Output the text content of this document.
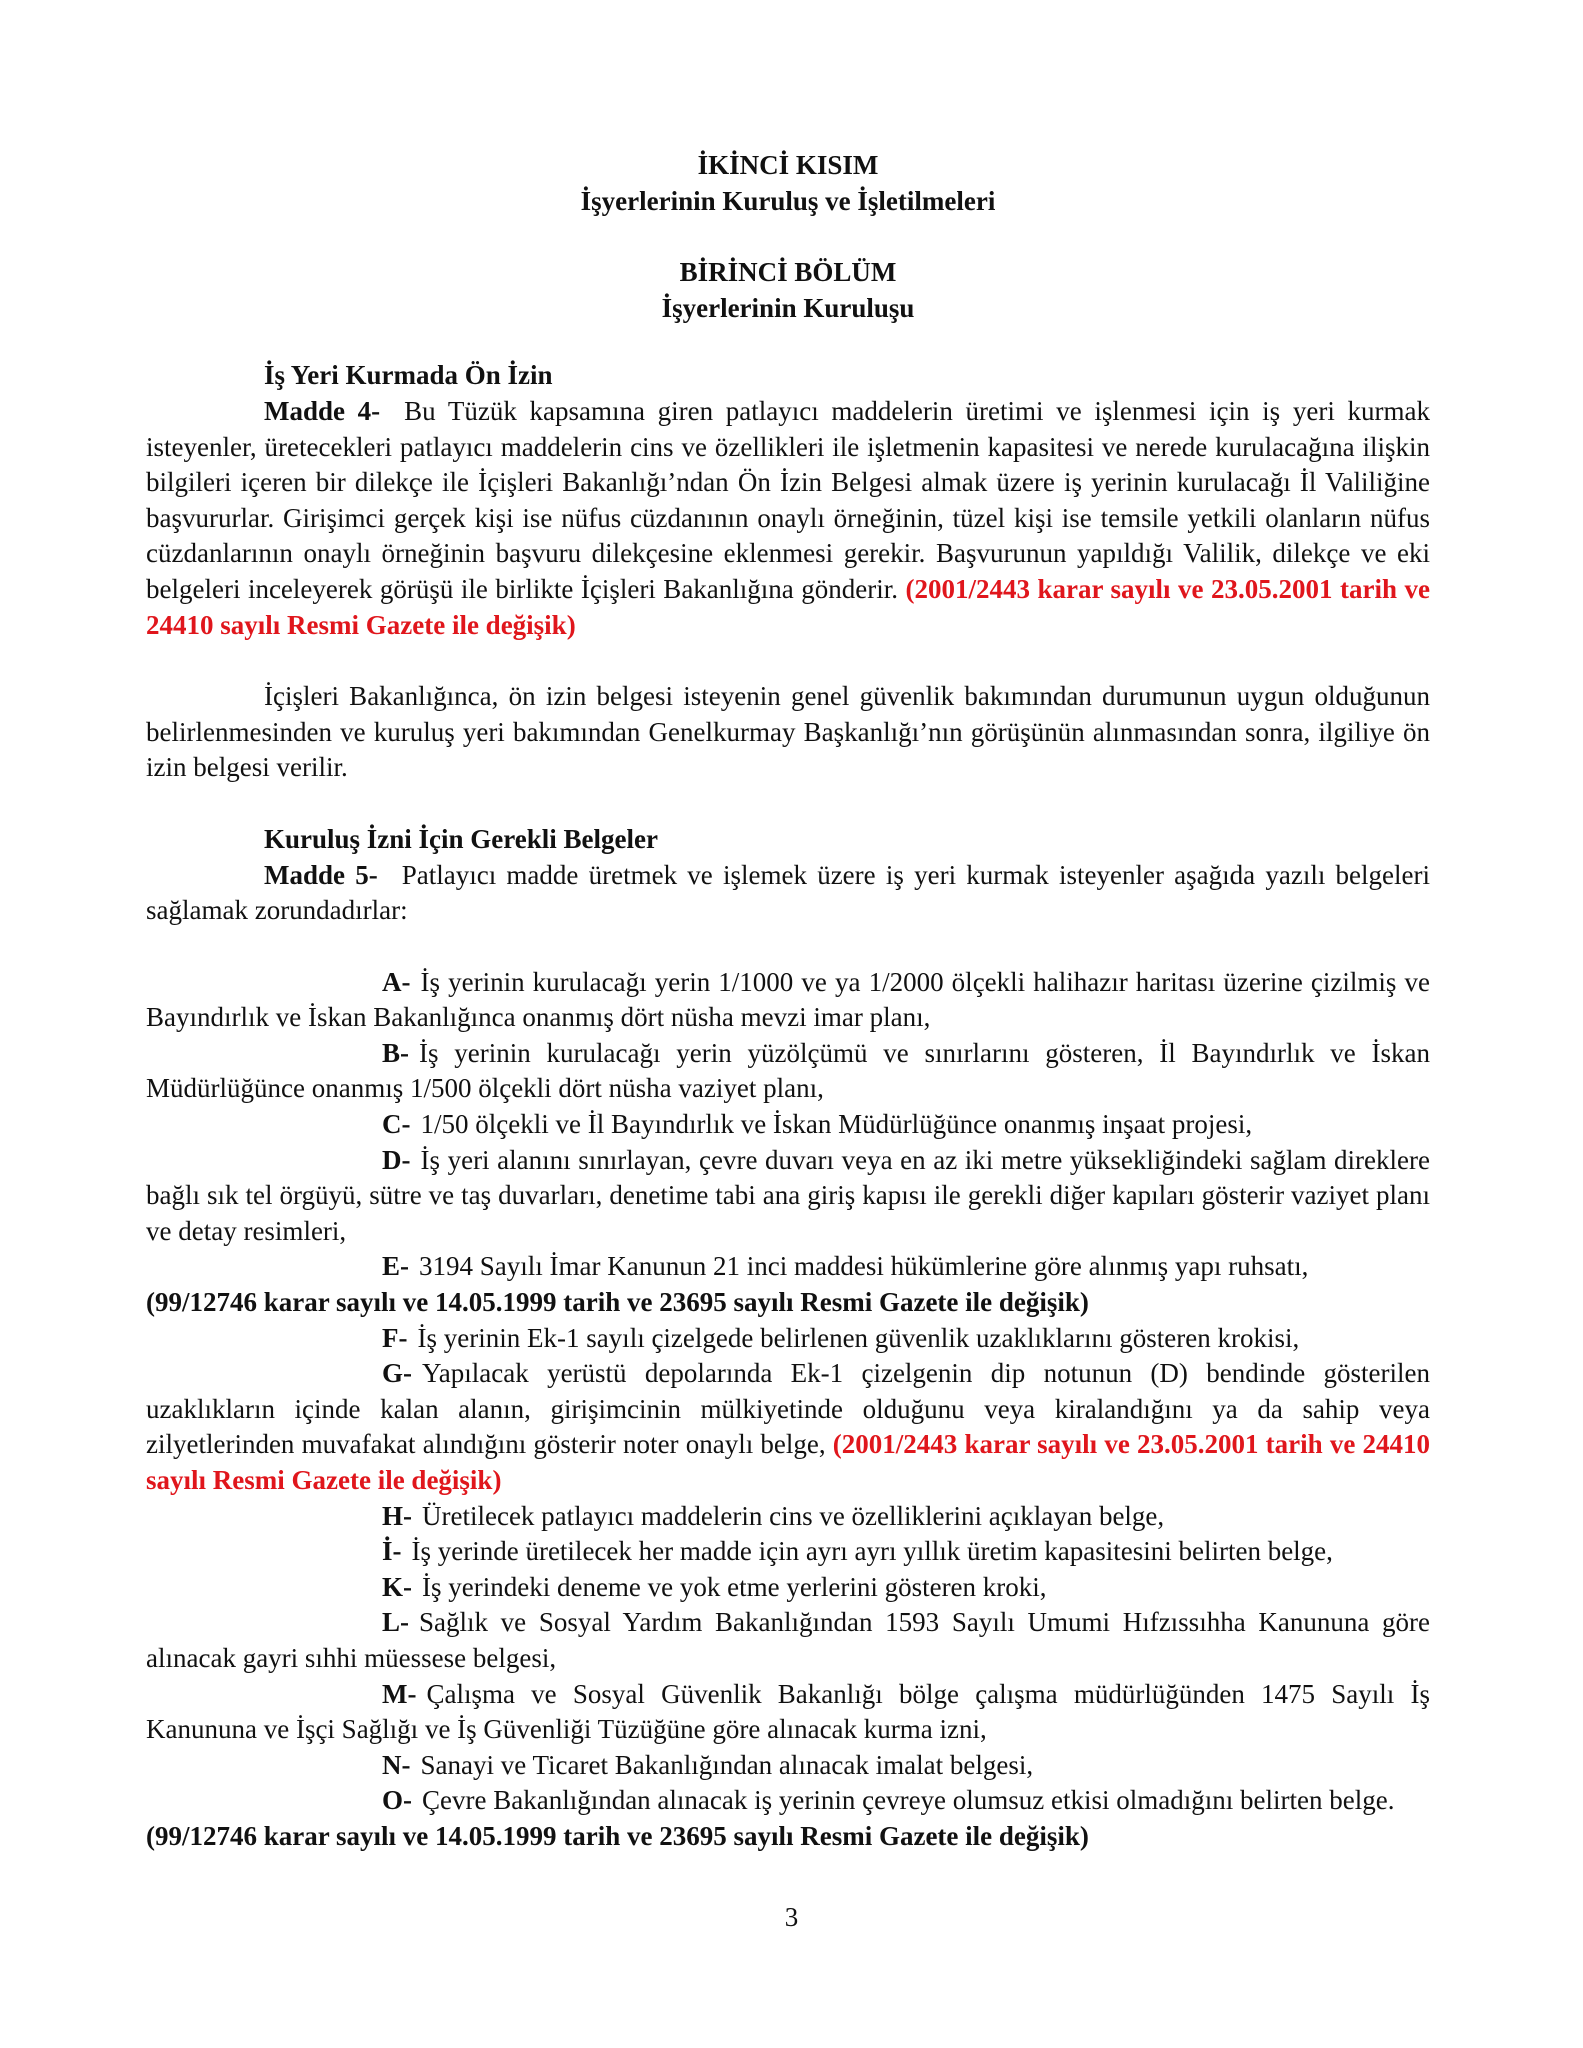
İKİNCİ KISIM
İşyerlerinin Kuruluş ve İşletilmeleri
BİRİNCİ BÖLÜM
İşyerlerinin Kuruluşu
İş Yeri Kurmada Ön İzin
Madde 4- Bu Tüzük kapsamına giren patlayıcı maddelerin üretimi ve işlenmesi için iş yeri kurmak isteyenler, üretecekleri patlayıcı maddelerin cins ve özellikleri ile işletmenin kapasitesi ve nerede kurulacağına ilişkin bilgileri içeren bir dilekçe ile İçişleri Bakanlığı’ndan Ön İzin Belgesi almak üzere iş yerinin kurulacağı İl Valiliğine başvururlar. Girişimci gerçek kişi ise nüfus cüzdanının onaylı örneğinin, tüzel kişi ise temsile yetkili olanların nüfus cüzdanlarının onaylı örneğinin başvuru dilekçesine eklenmesi gerekir. Başvurunun yapıldığı Valilik, dilekçe ve eki belgeleri inceleyerek görüşü ile birlikte İçişleri Bakanlığına gönderir. (2001/2443 karar sayılı ve 23.05.2001 tarih ve 24410 sayılı Resmi Gazete ile değişik)
İçişleri Bakanlığınca, ön izin belgesi isteyenin genel güvenlik bakımından durumunun uygun olduğunun belirlenmesinden ve kuruluş yeri bakımından Genelkurmay Başkanlığı’nın görüşünün alınmasından sonra, ilgiliye ön izin belgesi verilir.
Kuruluş İzni İçin Gerekli Belgeler
Madde 5- Patlayıcı madde üretmek ve işlemek üzere iş yeri kurmak isteyenler aşağıda yazılı belgeleri sağlamak zorundadırlar:
A- İş yerinin kurulacağı yerin 1/1000 ve ya 1/2000 ölçekli halihazır haritası üzerine çizilmiş ve Bayındırlık ve İskan Bakanlığınca onanmış dört nüsha mevzi imar planı,
B- İş yerinin kurulacağı yerin yüzölçümü ve sınırlarını gösteren, İl Bayındırlık ve İskan Müdürlüğünce onanmış 1/500 ölçekli dört nüsha vaziyet planı,
C- 1/50 ölçekli ve İl Bayındırlık ve İskan Müdürlüğünce onanmış inşaat projesi,
D- İş yeri alanını sınırlayan, çevre duvarı veya en az iki metre yüksekliğindeki sağlam direklere bağlı sık tel örgüyü, sütre ve taş duvarları, denetime tabi ana giriş kapısı ile gerekli diğer kapıları gösterir vaziyet planı ve detay resimleri,
E- 3194 Sayılı İmar Kanunun 21 inci maddesi hükümlerine göre alınmış yapı ruhsatı,
(99/12746 karar sayılı ve 14.05.1999 tarih ve 23695 sayılı Resmi Gazete ile değişik)
F- İş yerinin Ek-1 sayılı çizelgede belirlenen güvenlik uzaklıklarını gösteren krokisi,
G- Yapılacak yerüstü depolarında Ek-1 çizelgenin dip notunun (D) bendinde gösterilen uzaklıkların içinde kalan alanın, girişimcinin mülkiyetinde olduğunu veya kiralandığını ya da sahip veya zilyetlerinden muvafakat alındığını gösterir noter onaylı belge, (2001/2443 karar sayılı ve 23.05.2001 tarih ve 24410 sayılı Resmi Gazete ile değişik)
H- Üretilecek patlayıcı maddelerin cins ve özelliklerini açıklayan belge,
İ- İş yerinde üretilecek her madde için ayrı ayrı yıllık üretim kapasitesini belirten belge,
K- İş yerindeki deneme ve yok etme yerlerini gösteren kroki,
L- Sağlık ve Sosyal Yardım Bakanlığından 1593 Sayılı Umumi Hıfzıssıhha Kanununa göre alınacak gayri sıhhi müessese belgesi,
M- Çalışma ve Sosyal Güvenlik Bakanlığı bölge çalışma müdürlüğünden 1475 Sayılı İş Kanununa ve İşçi Sağlığı ve İş Güvenliği Tüzüğüne göre alınacak kurma izni,
N- Sanayi ve Ticaret Bakanlığından alınacak imalat belgesi,
O- Çevre Bakanlığından alınacak iş yerinin çevreye olumsuz etkisi olmadığını belirten belge.
(99/12746 karar sayılı ve 14.05.1999 tarih ve 23695 sayılı Resmi Gazete ile değişik)
3
